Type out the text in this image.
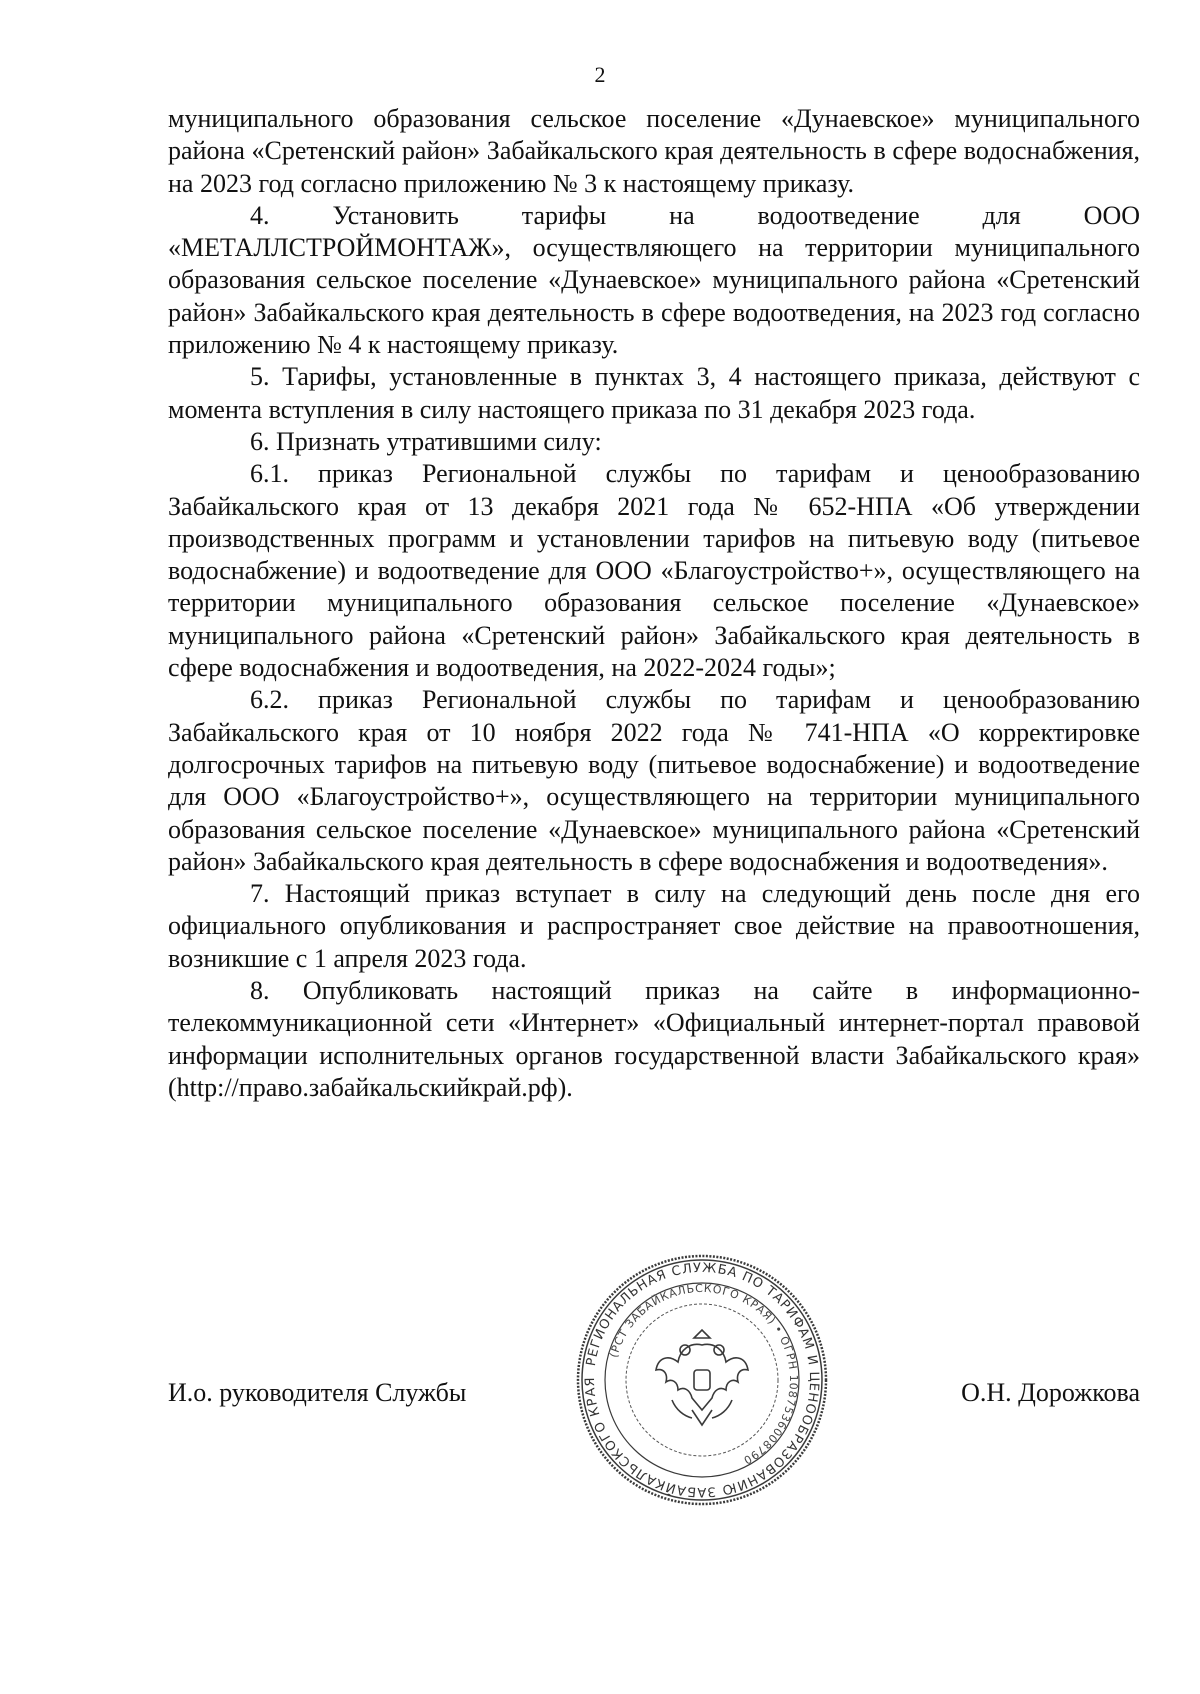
2

муниципального образования сельское поселение «Дунаевское» муниципального района «Сретенский район» Забайкальского края деятельность в сфере водоснабжения, на 2023 год согласно приложению № 3 к настоящему приказу.

4. Установить тарифы на водоотведение для ООО «МЕТАЛЛСТРОЙМОНТАЖ», осуществляющего на территории муниципального образования сельское поселение «Дунаевское» муниципального района «Сретенский район» Забайкальского края деятельность в сфере водоотведения, на 2023 год согласно приложению № 4 к настоящему приказу.

5. Тарифы, установленные в пунктах 3, 4 настоящего приказа, действуют с момента вступления в силу настоящего приказа по 31 декабря 2023 года.

6. Признать утратившими силу:

6.1. приказ Региональной службы по тарифам и ценообразованию Забайкальского края от 13 декабря 2021 года № 652-НПА «Об утверждении производственных программ и установлении тарифов на питьевую воду (питьевое водоснабжение) и водоотведение для ООО «Благоустройство+», осуществляющего на территории муниципального образования сельское поселение «Дунаевское» муниципального района «Сретенский район» Забайкальского края деятельность в сфере водоснабжения и водоотведения, на 2022-2024 годы»;

6.2. приказ Региональной службы по тарифам и ценообразованию Забайкальского края от 10 ноября 2022 года № 741-НПА «О корректировке долгосрочных тарифов на питьевую воду (питьевое водоснабжение) и водоотведение для ООО «Благоустройство+», осуществляющего на территории муниципального образования сельское поселение «Дунаевское» муниципального района «Сретенский район» Забайкальского края деятельность в сфере водоснабжения и водоотведения».

7. Настоящий приказ вступает в силу на следующий день после дня его официального опубликования и распространяет свое действие на правоотношения, возникшие с 1 апреля 2023 года.

8. Опубликовать настоящий приказ на сайте в информационно-телекоммуникационной сети «Интернет» «Официальный интернет-портал правовой информации исполнительных органов государственной власти Забайкальского края» (http://право.забайкальскийкрай.рф).

РЕГИОНАЛЬНАЯ СЛУЖБА ПО ТАРИФАМ И ЦЕНООБРАЗОВАНИЮ ЗАБАЙКАЛЬСКОГО КРАЯ
(РСТ ЗАБАЙКАЛЬСКОГО КРАЯ) • ОГРН 1087536008790
И.о. руководителя Службы	О.Н. Дорожкова
